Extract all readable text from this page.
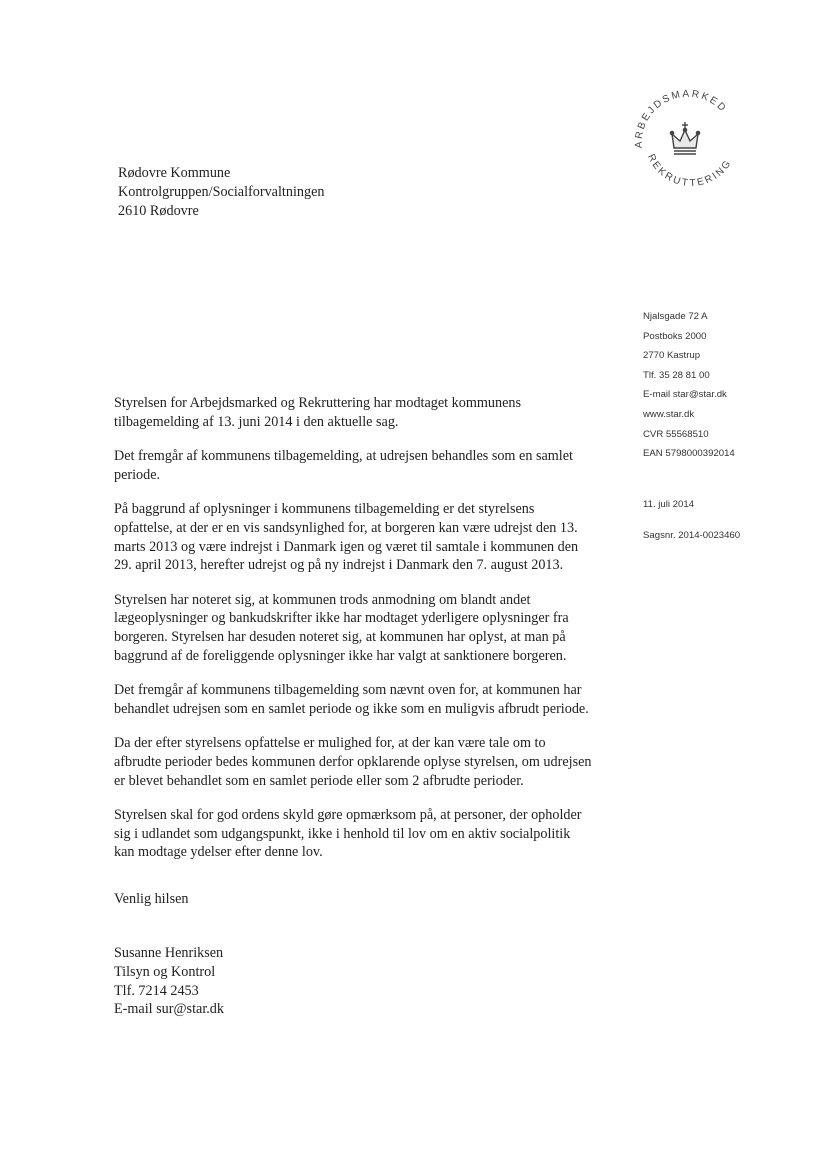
ARBEJDSMARKED
REKRUTTERING
Rødovre Kommune
Kontrolgruppen/Socialforvaltningen
2610 Rødovre
Njalsgade 72 A
Postboks 2000
2770 Kastrup
Tlf. 35 28 81 00
E-mail star@star.dk
www.star.dk
CVR 55568510
EAN 5798000392014
11. juli 2014
Sagsnr. 2014-0023460

Styrelsen for Arbejdsmarked og Rekruttering har modtaget kommunens
tilbagemelding af 13. juni 2014 i den aktuelle sag.

Det fremgår af kommunens tilbagemelding, at udrejsen behandles som en samlet
periode.

På baggrund af oplysninger i kommunens tilbagemelding er det styrelsens
opfattelse, at der er en vis sandsynlighed for, at borgeren kan være udrejst den 13.
marts 2013 og være indrejst i Danmark igen og været til samtale i kommunen den
29. april 2013, herefter udrejst og på ny indrejst i Danmark den 7. august 2013.

Styrelsen har noteret sig, at kommunen trods anmodning om blandt andet
lægeoplysninger og bankudskrifter ikke har modtaget yderligere oplysninger fra
borgeren. Styrelsen har desuden noteret sig, at kommunen har oplyst, at man på
baggrund af de foreliggende oplysninger ikke har valgt at sanktionere borgeren.

Det fremgår af kommunens tilbagemelding som nævnt oven for, at kommunen har
behandlet udrejsen som en samlet periode og ikke som en muligvis afbrudt periode.

Da der efter styrelsens opfattelse er mulighed for, at der kan være tale om to
afbrudte perioder bedes kommunen derfor opklarende oplyse styrelsen, om udrejsen
er blevet behandlet som en samlet periode eller som 2 afbrudte perioder.

Styrelsen skal for god ordens skyld gøre opmærksom på, at personer, der opholder
sig i udlandet som udgangspunkt, ikke i henhold til lov om en aktiv socialpolitik
kan modtage ydelser efter denne lov.

Venlig hilsen
Susanne Henriksen
Tilsyn og Kontrol
Tlf. 7214 2453
E-mail sur@star.dk
